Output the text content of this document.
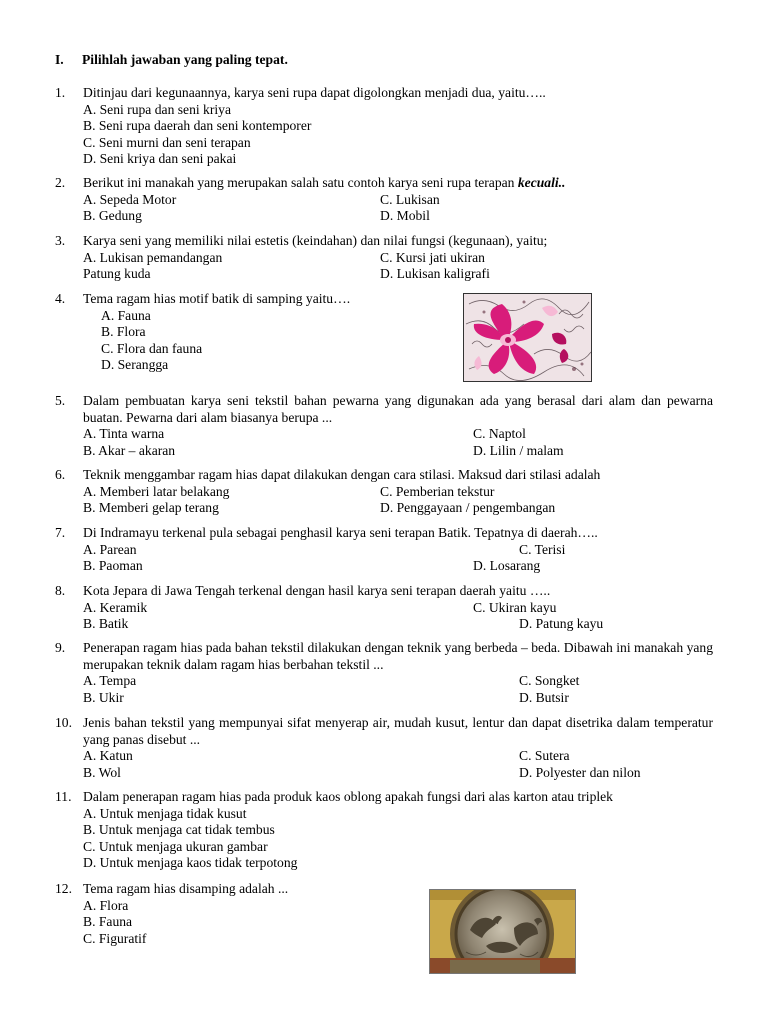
I. Pilihlah jawaban yang paling tepat.
1. Ditinjau dari kegunaannya, karya seni rupa dapat digolongkan menjadi dua, yaitu…..
A. Seni rupa dan seni kriya
B. Seni rupa daerah dan seni kontemporer
C. Seni murni dan seni terapan
D. Seni kriya dan seni pakai
2. Berikut ini manakah yang merupakan salah satu contoh karya seni rupa terapan kecuali..
A. Sepeda Motor	C. Lukisan
B. Gedung	D. Mobil
3. Karya seni yang memiliki nilai estetis (keindahan) dan nilai fungsi (kegunaan), yaitu;
A. Lukisan pemandangan	C. Kursi jati ukiran
Patung kuda	D. Lukisan kaligrafi
4. Tema ragam hias motif batik di samping yaitu….
A. Fauna
B. Flora
C. Flora dan fauna
D. Serangga
5. Dalam pembuatan karya seni tekstil bahan pewarna yang digunakan ada yang berasal dari alam dan pewarna buatan. Pewarna dari alam biasanya berupa ...
A. Tinta warna	C. Naptol
B. Akar – akaran	D. Lilin / malam
6. Teknik menggambar ragam hias dapat dilakukan dengan cara stilasi. Maksud dari stilasi adalah
A. Memberi latar belakang	C. Pemberian tekstur
B. Memberi gelap terang	D. Penggayaan / pengembangan
7. Di Indramayu terkenal pula sebagai penghasil karya seni terapan Batik. Tepatnya di daerah…..
A. Parean	C. Terisi
B. Paoman	D. Losarang
8. Kota Jepara di Jawa Tengah terkenal dengan hasil karya seni terapan daerah yaitu …..
A. Keramik	C. Ukiran kayu
B. Batik	D. Patung kayu
9. Penerapan ragam hias pada bahan tekstil dilakukan dengan teknik yang berbeda – beda. Dibawah ini manakah yang merupakan teknik dalam ragam hias berbahan tekstil ...
A. Tempa	C. Songket
B. Ukir	D. Butsir
10. Jenis bahan tekstil yang mempunyai sifat menyerap air, mudah kusut, lentur dan dapat disetrika dalam temperatur yang panas disebut ...
A. Katun	C. Sutera
B. Wol	D. Polyester dan nilon
11. Dalam penerapan ragam hias pada produk kaos oblong apakah fungsi dari alas karton atau triplek
A. Untuk menjaga tidak kusut
B. Untuk menjaga cat tidak tembus
C. Untuk menjaga ukuran gambar
D. Untuk menjaga kaos tidak terpotong
12. Tema ragam hias disamping adalah ...
A. Flora
B. Fauna
C. Figuratif
